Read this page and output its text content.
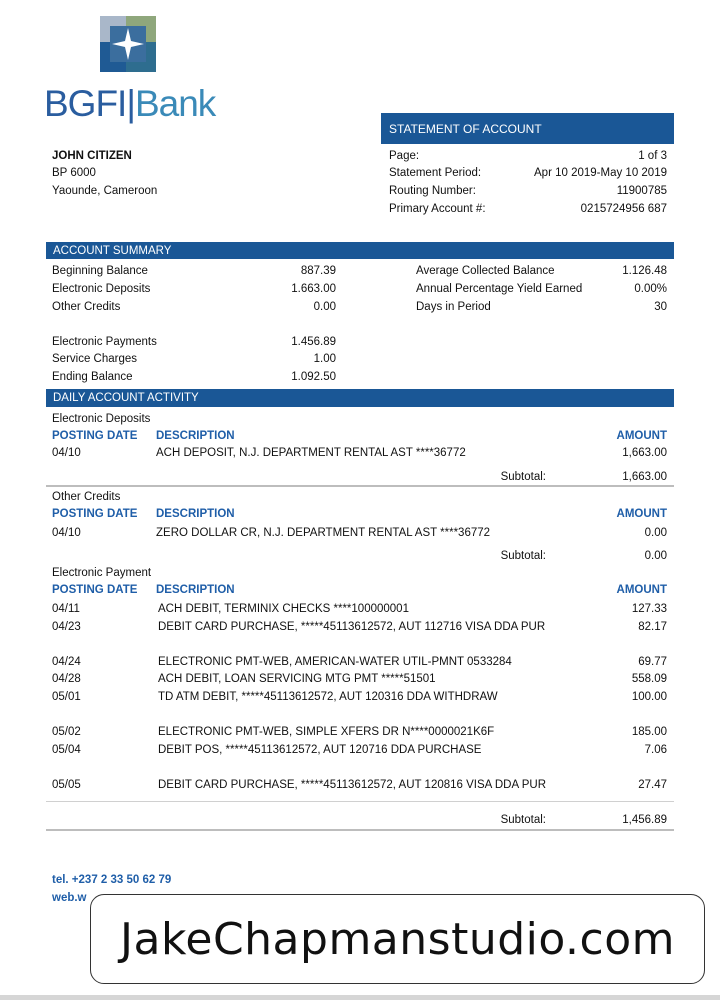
BGFI|Bank
STATEMENT OF ACCOUNT
JOHN CITIZEN
BP 6000
Yaounde, Cameroon
Page:	1 of 3
Statement Period:	Apr 10 2019-May 10 2019
Routing Number:	11900785
Primary Account #:	0215724956 687
ACCOUNT SUMMARY
Beginning Balance	887.39
Electronic Deposits	1.663.00
Other Credits	0.00
Electronic Payments	1.456.89
Service Charges	1.00
Ending Balance	1.092.50
Average Collected Balance	1.126.48
Annual Percentage Yield Earned	0.00%
Days in Period	30
DAILY ACCOUNT ACTIVITY
Electronic Deposits
POSTING DATE DESCRIPTION	AMOUNT
04/10	ACH DEPOSIT, N.J. DEPARTMENT RENTAL AST ****36772	1,663.00
Subtotal:	1,663.00
Other Credits
POSTING DATE DESCRIPTION	AMOUNT
04/10	ZERO DOLLAR CR, N.J. DEPARTMENT RENTAL AST ****36772	0.00
Subtotal:	0.00
Electronic Payment
POSTING DATE DESCRIPTION	AMOUNT
04/11	ACH DEBIT, TERMINIX CHECKS ****100000001	127.33
04/23	DEBIT CARD PURCHASE, *****45113612572, AUT 112716 VISA DDA PUR	82.17
04/24	ELECTRONIC PMT-WEB, AMERICAN-WATER UTIL-PMNT 0533284	69.77
04/28	ACH DEBIT, LOAN SERVICING MTG PMT *****51501	558.09
05/01	TD ATM DEBIT, *****45113612572, AUT 120316 DDA WITHDRAW	100.00
05/02	ELECTRONIC PMT-WEB, SIMPLE XFERS DR N****0000021K6F	185.00
05/04	DEBIT POS, *****45113612572, AUT 120716 DDA PURCHASE	7.06
05/05	DEBIT CARD PURCHASE, *****45113612572, AUT 120816 VISA DDA PUR	27.47
Subtotal:	1,456.89
tel. +237 2 33 50 62 79
web.w
JakeChapmanstudio.com
